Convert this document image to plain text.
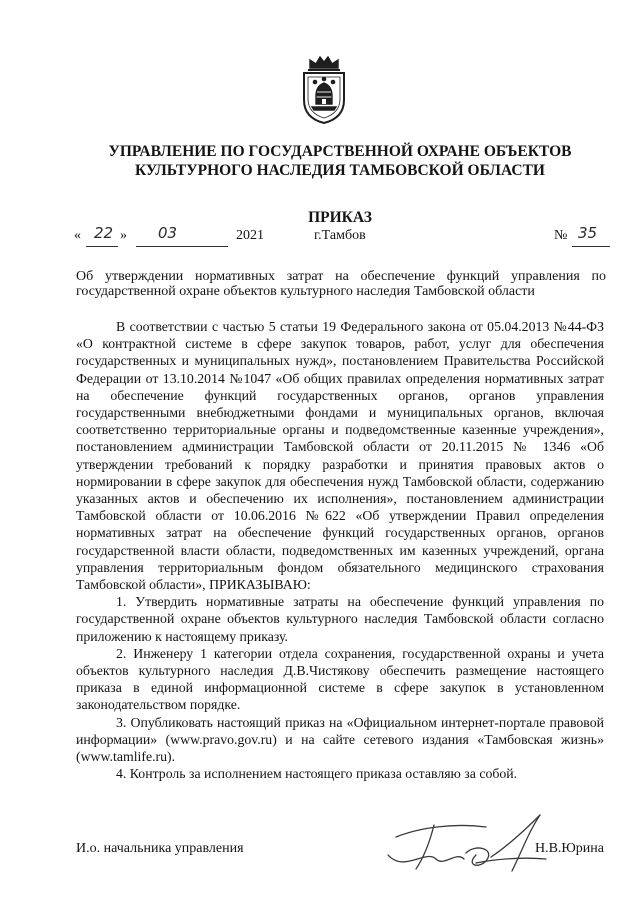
УПРАВЛЕНИЕ ПО ГОСУДАРСТВЕННОЙ ОХРАНЕ ОБЪЕКТОВ
КУЛЬТУРНОГО НАСЛЕДИЯ ТАМБОВСКОЙ ОБЛАСТИ
ПРИКАЗ
« 22 » 03	2021	г.Тамбов	№ 35
Об утверждении нормативных затрат на обеспечение функций управления по государственной охране объектов культурного наследия Тамбовской области

В соответствии с частью 5 статьи 19 Федерального закона от 05.04.2013 №44-ФЗ «О контрактной системе в сфере закупок товаров, работ, услуг для обеспечения государственных и муниципальных нужд», постановлением Правительства Российской Федерации от 13.10.2014 №1047 «Об общих правилах определения нормативных затрат на обеспечение функций государственных органов, органов управления государственными внебюджетными фондами и муниципальных органов, включая соответственно территориальные органы и подведомственные казенные учреждения», постановлением администрации Тамбовской области от 20.11.2015 № 1346 «Об утверждении требований к порядку разработки и принятия правовых актов о нормировании в сфере закупок для обеспечения нужд Тамбовской области, содержанию указанных актов и обеспечению их исполнения», постановлением администрации Тамбовской области от 10.06.2016 №622 «Об утверждении Правил определения нормативных затрат на обеспечение функций государственных органов, органов государственной власти области, подведомственных им казенных учреждений, органа управления территориальным фондом обязательного медицинского страхования Тамбовской области», ПРИКАЗЫВАЮ:

1. Утвердить нормативные затраты на обеспечение функций управления по государственной охране объектов культурного наследия Тамбовской области согласно приложению к настоящему приказу.

2. Инженеру 1 категории отдела сохранения, государственной охраны и учета объектов культурного наследия Д.В.Чистякову обеспечить размещение настоящего приказа в единой информационной системе в сфере закупок в установленном законодательством порядке.

3. Опубликовать настоящий приказ на «Официальном интернет-портале правовой информации» (www.pravo.gov.ru) и на сайте сетевого издания «Тамбовская жизнь» (www.tamlife.ru).

4. Контроль за исполнением настоящего приказа оставляю за собой.

И.о. начальника управления	Н.В.Юрина
